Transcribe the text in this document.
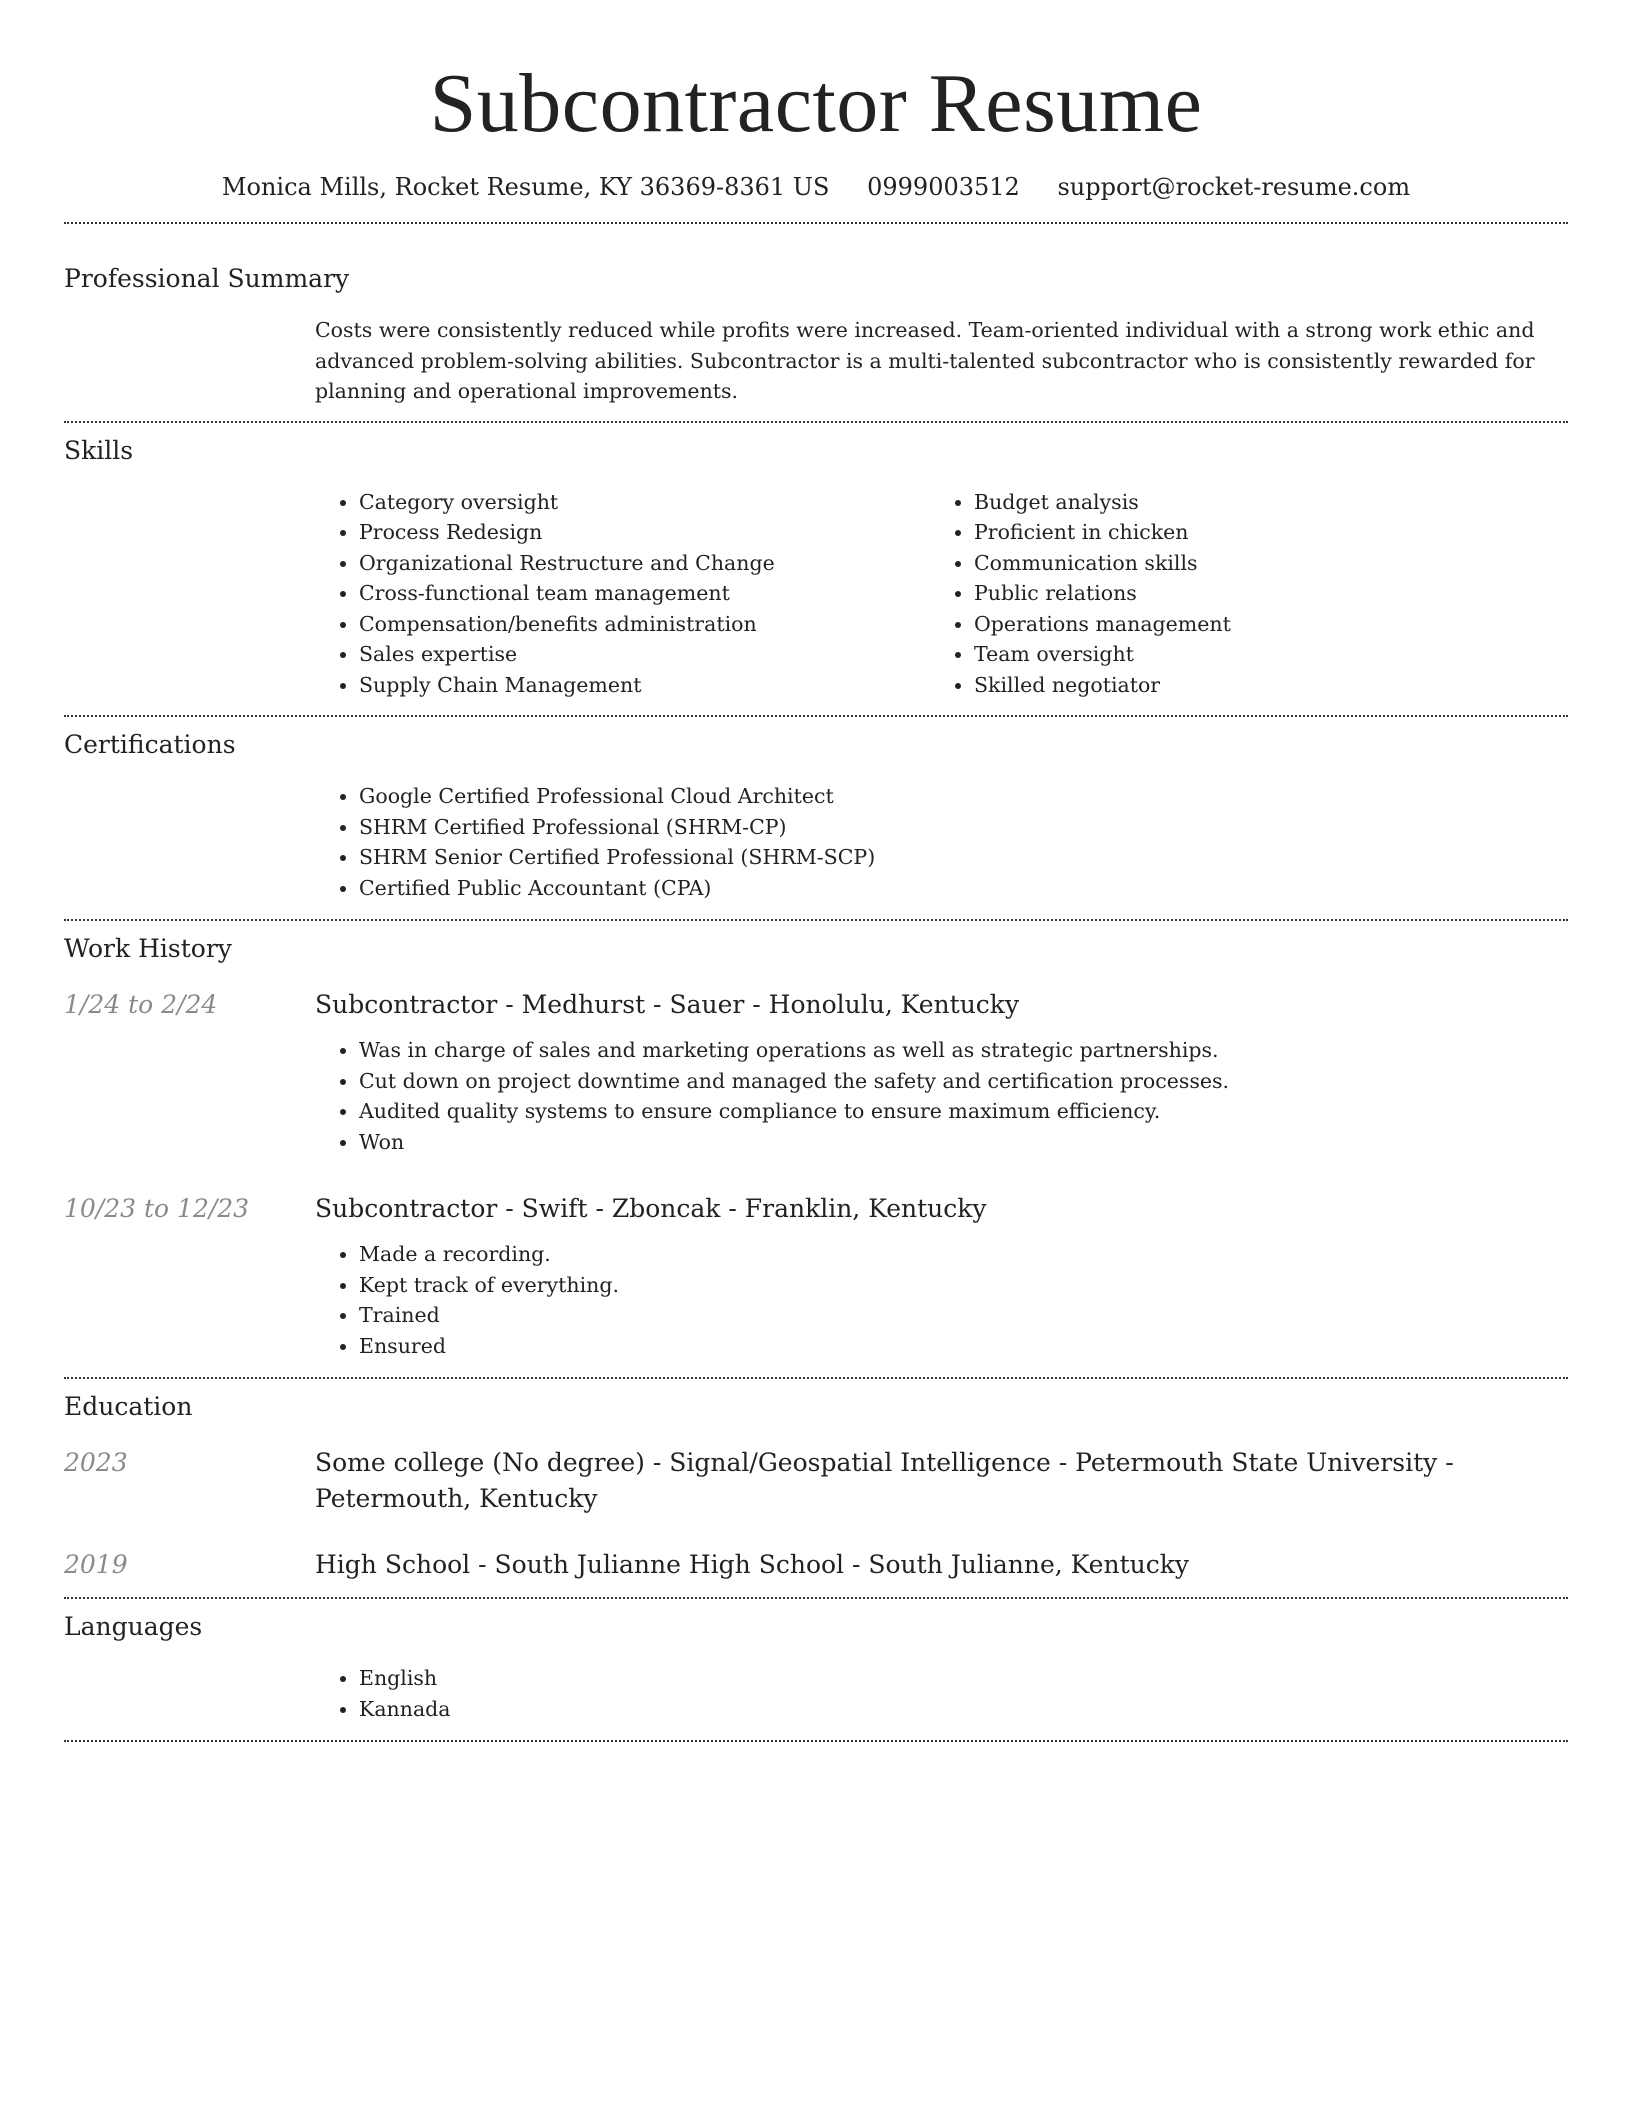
Subcontractor Resume
Monica Mills, Rocket Resume, KY 36369-8361 US 0999003512 support@rocket-resume.com
Professional Summary

Costs were consistently reduced while profits were increased. Team-oriented individual with a strong work ethic and advanced problem-solving abilities. Subcontractor is a multi-talented subcontractor who is consistently rewarded for planning and operational improvements.

Skills
• Category oversight
• Process Redesign
• Organizational Restructure and Change
• Cross-functional team management
• Compensation/benefits administration
• Sales expertise
• Supply Chain Management
• Budget analysis
• Proficient in chicken
• Communication skills
• Public relations
• Operations management
• Team oversight
• Skilled negotiator
Certifications
• Google Certified Professional Cloud Architect
• SHRM Certified Professional (SHRM-CP)
• SHRM Senior Certified Professional (SHRM-SCP)
• Certified Public Accountant (CPA)
Work History
1/24 to 2/24	Subcontractor - Medhurst - Sauer - Honolulu, Kentucky
• Was in charge of sales and marketing operations as well as strategic partnerships.
• Cut down on project downtime and managed the safety and certification processes.
• Audited quality systems to ensure compliance to ensure maximum efficiency.
• Won
10/23 to 12/23	Subcontractor - Swift - Zboncak - Franklin, Kentucky
• Made a recording.
• Kept track of everything.
• Trained
• Ensured
Education
2023	Some college (No degree) - Signal/Geospatial Intelligence - Petermouth State University - Petermouth, Kentucky
2019	High School - South Julianne High School - South Julianne, Kentucky
Languages
• English
• Kannada
